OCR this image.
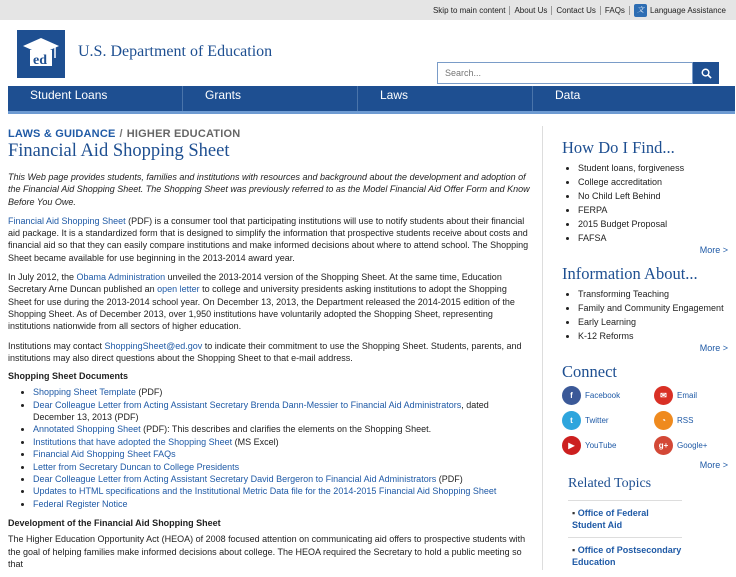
Skip to main content	About Us	Contact Us	FAQs	文 Language Assistance
ed
U.S. Department of Education
Search...
Student Loans	Grants	Laws	Data
LAWS & GUIDANCE / HIGHER EDUCATION
Financial Aid Shopping Sheet

This Web page provides students, families and institutions with resources and background about the development and adoption of the Financial Aid Shopping Sheet. The Shopping Sheet was previously referred to as the Model Financial Aid Offer Form and Know Before You Owe.

Financial Aid Shopping Sheet (PDF) is a consumer tool that participating institutions will use to notify students about their financial aid package. It is a standardized form that is designed to simplify the information that prospective students receive about costs and financial aid so that they can easily compare institutions and make informed decisions about where to attend school. The Shopping Sheet became available for use beginning in the 2013-2014 award year.

In July 2012, the Obama Administration unveiled the 2013-2014 version of the Shopping Sheet. At the same time, Education Secretary Arne Duncan published an open letter to college and university presidents asking institutions to adopt the Shopping Sheet for use during the 2013-2014 school year. On December 13, 2013, the Department released the 2014-2015 edition of the Shopping Sheet. As of December 2013, over 1,950 institutions have voluntarily adopted the Shopping Sheet, representing institutions nationwide from all sectors of higher education.

Institutions may contact ShoppingSheet@ed.gov to indicate their commitment to use the Shopping Sheet. Students, parents, and institutions may also direct questions about the Shopping Sheet to that e-mail address.

Shopping Sheet Documents
• Shopping Sheet Template (PDF)
• Dear Colleague Letter from Acting Assistant Secretary Brenda Dann-Messier to Financial Aid Administrators, dated December 13, 2013 (PDF)
• Annotated Shopping Sheet (PDF): This describes and clarifies the elements on the Shopping Sheet.
• Institutions that have adopted the Shopping Sheet (MS Excel)
• Financial Aid Shopping Sheet FAQs
• Letter from Secretary Duncan to College Presidents
• Dear Colleague Letter from Acting Assistant Secretary David Bergeron to Financial Aid Administrators (PDF)
• Updates to HTML specifications and the Institutional Metric Data file for the 2014-2015 Financial Aid Shopping Sheet
• Federal Register Notice
Development of the Financial Aid Shopping Sheet

The Higher Education Opportunity Act (HEOA) of 2008 focused attention on communicating aid offers to prospective students with the goal of helping families make informed decisions about college. The HEOA required the Secretary to hold a public meeting so that

How Do I Find...
• Student loans, forgiveness
• College accreditation
• No Child Left Behind
• FERPA
• 2015 Budget Proposal
• FAFSA
More >
Information About...
• Transforming Teaching
• Family and Community Engagement
• Early Learning
• K-12 Reforms
More >
Connect
f	Facebook	✉	Email
t	Twitter	◔	RSS
▶	YouTube	g+	Google+
More >
Related Topics
▪ Office of Federal Student Aid
▪ Office of Postsecondary Education
